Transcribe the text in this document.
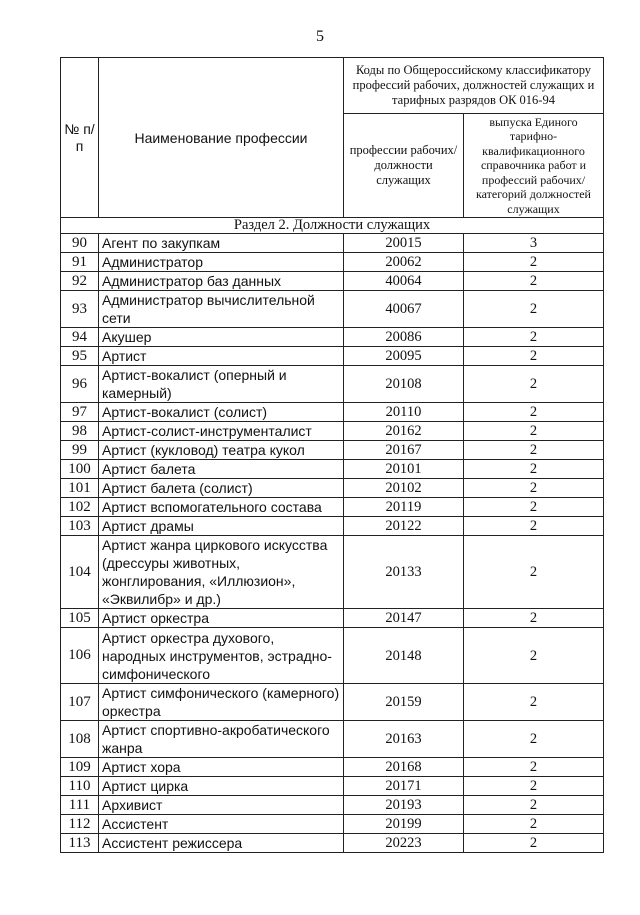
5
№ п/п	Наименование профессии	Коды по Общероссийскому классификатору профессий рабочих, должностей служащих и тарифных разрядов ОК 016-94	
		профессии рабочих/ должности служащих	выпуска Единого тарифно-квалификационного справочника работ и профессий рабочих/категорий должностей служащих
Раздел 2. Должности служащих			
90	Агент по закупкам	20015	3
91	Администратор	20062	2
92	Администратор баз данных	40064	2
93	Администратор вычислительной сети	40067	2
94	Акушер	20086	2
95	Артист	20095	2
96	Артист-вокалист (оперный и камерный)	20108	2
97	Артист-вокалист (солист)	20110	2
98	Артист-солист-инструменталист	20162	2
99	Артист (кукловод) театра кукол	20167	2
100	Артист балета	20101	2
101	Артист балета (солист)	20102	2
102	Артист вспомогательного состава	20119	2
103	Артист драмы	20122	2
104	Артист жанра циркового искусства (дрессуры животных, жонглирования, «Иллюзион», «Эквилибр» и др.)	20133	2
105	Артист оркестра	20147	2
106	Артист оркестра духового, народных инструментов, эстрадно-симфонического	20148	2
107	Артист симфонического (камерного) оркестра	20159	2
108	Артист спортивно-акробатического жанра	20163	2
109	Артист хора	20168	2
110	Артист цирка	20171	2
111	Архивист	20193	2
112	Ассистент	20199	2
113	Ассистент режиссера	20223	2
